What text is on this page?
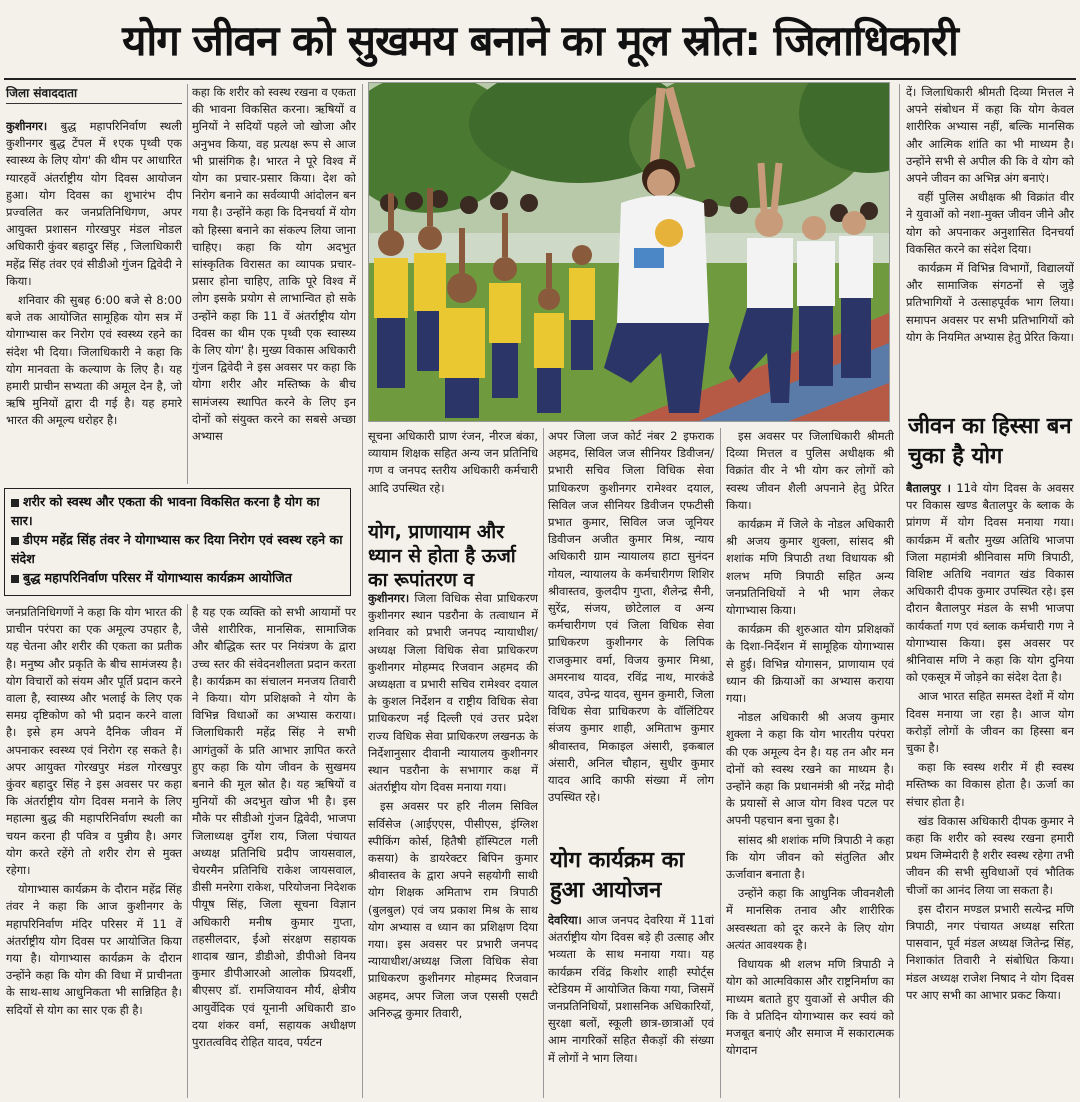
योग जीवन को सुखमय बनाने का मूल स्रोत: जिलाधिकारी
जिला संवाददाता

कुशीनगर। बुद्ध महापरिनिर्वाण स्थली कुशीनगर बुद्ध टेंपल में १एक पृथ्वी एक स्वास्थ्य के लिए योग' की थीम पर आधारित ग्यारहवें अंतर्राष्ट्रीय योग दिवस आयोजन हुआ। योग दिवस का शुभारंभ दीप प्रज्वलित कर जनप्रतिनिधिगण, अपर आयुक्त प्रशासन गोरखपुर मंडल नोडल अधिकारी कुंवर बहादुर सिंह , जिलाधिकारी महेंद्र सिंह तंवर एवं सीडीओ गुंजन द्विवेदी ने किया।

शनिवार की सुबह 6:00 बजे से 8:00 बजे तक आयोजित सामूहिक योग सत्र में योगाभ्यास कर निरोग एवं स्वस्थ्य रहने का संदेश भी दिया। जिलाधिकारी ने कहा कि योग मानवता के कल्याण के लिए है। यह हमारी प्राचीन सभ्यता की अमूल देन है, जो ऋषि मुनियों द्वारा दी गई है। यह हमारे भारत की अमूल्य धरोहर है।

कहा कि शरीर को स्वस्थ रखना व एकता की भावना विकसित करना। ऋषियों व मुनियों ने सदियों पहले जो खोजा और अनुभव किया, वह प्रत्यक्ष रूप से आज भी प्रासंगिक है। भारत ने पूरे विश्व में योग का प्रचार-प्रसार किया। देश को निरोग बनाने का सर्वव्यापी आंदोलन बन गया है। उन्होंने कहा कि दिनचर्या में योग को हिस्सा बनाने का संकल्प लिया जाना चाहिए। कहा कि योग अदभुत सांस्कृतिक विरासत का व्यापक प्रचार-प्रसार होना चाहिए, ताकि पूरे विश्व में लोग इसके प्रयोग से लाभान्वित हो सके उन्होंने कहा कि 11 वें अंतर्राष्ट्रीय योग दिवस का थीम एक पृथ्वी एक स्वास्थ्य के लिए योग' है। मुख्य विकास अधिकारी गुंजन द्विवेदी ने इस अवसर पर कहा कि योगा शरीर और मस्तिष्क के बीच सामंजस्य स्थापित करने के लिए इन दोनों को संयुक्त करने का सबसे अच्छा अभ्यास

शरीर को स्वस्थ और एकता की भावना विकसित करना है योग का सार।
डीएम महेंद्र सिंह तंवर ने योगाभ्यास कर दिया निरोग एवं स्वस्थ रहने का संदेश
बुद्ध महापरिनिर्वाण परिसर में योगाभ्यास कार्यक्रम आयोजित

जनप्रतिनिधिगणों ने कहा कि योग भारत की प्राचीन परंपरा का एक अमूल्य उपहार है, यह चेतना और शरीर की एकता का प्रतीक है। मनुष्य और प्रकृति के बीच सामंजस्य है। योग विचारों को संयम और पूर्ति प्रदान करने वाला है, स्वास्थ्य और भलाई के लिए एक समग्र दृष्टिकोण को भी प्रदान करने वाला है। इसे हम अपने दैनिक जीवन में अपनाकर स्वस्थ्य एवं निरोग रह सकते है। अपर आयुक्त गोरखपुर मंडल गोरखपुर कुंवर बहादुर सिंह ने इस अवसर पर कहा कि अंतर्राष्ट्रीय योग दिवस मनाने के लिए महात्मा बुद्ध की महापरिनिर्वाण स्थली का चयन करना ही पवित्र व पुन्नीय है। अगर योग करते रहेंगे तो शरीर रोग से मुक्त रहेगा।

योगाभ्यास कार्यक्रम के दौरान महेंद्र सिंह तंवर ने कहा कि आज कुशीनगर के महापरिनिर्वाण मंदिर परिसर में 11 वें अंतर्राष्ट्रीय योग दिवस पर आयोजित किया गया है। योगाभ्यास कार्यक्रम के दौरान उन्होंने कहा कि योग की विधा में प्राचीनता के साथ-साथ आधुनिकता भी सान्निहित है। सदियों से योग का सार एक ही है।

है यह एक व्यक्ति को सभी आयामों पर जैसे शारीरिक, मानसिक, सामाजिक और बौद्धिक स्तर पर नियंत्रण के द्वारा उच्च स्तर की संवेदनशीलता प्रदान करता है। कार्यक्रम का संचालन मनजय तिवारी ने किया। योग प्रशिक्षको ने योग के विभिन्न विधाओं का अभ्यास कराया। जिलाधिकारी महेंद्र सिंह ने सभी आगंतुकों के प्रति आभार ज्ञापित करते हुए कहा कि योग जीवन के सुखमय बनाने की मूल स्रोत है। यह ऋषियों व मुनियों की अदभुत खोज भी है। इस मौके पर सीडीओ गुंजन द्विवेदी, भाजपा जिलाध्यक्ष दुर्गेश राय, जिला पंचायत अध्यक्ष प्रतिनिधि प्रदीप जायसवाल, चेयरमैन प्रतिनिधि राकेश जायसवाल, डीसी मनरेगा राकेश, परियोजना निदेशक पीयूष सिंह, जिला सूचना विज्ञान अधिकारी मनीष कुमार गुप्ता, तहसीलदार, ईओ संरक्षण सहायक शादाब खान, डीडीओ, डीपीओ विनय कुमार डीपीआरओ आलोक प्रियदर्शी, बीएसए डॉ. रामजियावन मौर्य, क्षेत्रीय आयुर्वेदिक एवं यूनानी अधिकारी डा० दया शंकर वर्मा, सहायक अधीक्षण पुरातत्वविद रोहित यादव, पर्यटन

सूचना अधिकारी प्राण रंजन, नीरज बंका, व्यायाम शिक्षक सहित अन्य जन प्रतिनिधि गण व जनपद स्तरीय अधिकारी कर्मचारी आदि उपस्थित रहे।

योग, प्राणायाम और ध्यान से होता है ऊर्जा का रूपांतरण व

कुशीनगर। जिला विधिक सेवा प्राधिकरण कुशीनगर स्थान पडरौना के तत्वाधान में शनिवार को प्रभारी जनपद न्यायाधीश/अध्यक्ष जिला विधिक सेवा प्राधिकरण कुशीनगर मोहम्मद रिजवान अहमद की अध्यक्षता व प्रभारी सचिव रामेश्वर दयाल के कुशल निर्देशन व राष्ट्रीय विधिक सेवा प्राधिकरण नई दिल्ली एवं उत्तर प्रदेश राज्य विधिक सेवा प्राधिकरण लखनऊ के निर्देशानुसार दीवानी न्यायालय कुशीनगर स्थान पडरौना के सभागार कक्ष में अंतर्राष्ट्रीय योग दिवस मनाया गया।

इस अवसर पर हरि नीलम सिविल सर्विसेज (आईएएस, पीसीएस, इंग्लिश स्पीकिंग कोर्स, हितैषी हॉस्पिटल गली कसया) के डायरेक्टर बिपिन कुमार श्रीवास्तव के द्वारा अपने सहयोगी साथी योग शिक्षक अमिताभ राम त्रिपाठी (बुलबुल) एवं जय प्रकाश मिश्र के साथ योग अभ्यास व ध्यान का प्रशिक्षण दिया गया। इस अवसर पर प्रभारी जनपद न्यायाधीश/अध्यक्ष जिला विधिक सेवा प्राधिकरण कुशीनगर मोहम्मद रिजवान अहमद, अपर जिला जज एससी एसटी अनिरुद्ध कुमार तिवारी,

अपर जिला जज कोर्ट नंबर 2 इफराक अहमद, सिविल जज सीनियर डिवीजन/ प्रभारी सचिव जिला विधिक सेवा प्राधिकरण कुशीनगर रामेश्वर दयाल, सिविल जज सीनियर डिवीजन एफटीसी प्रभात कुमार, सिविल जज जूनियर डिवीजन अजीत कुमार मिश्र, न्याय अधिकारी ग्राम न्यायालय हाटा सुनंदन गोयल, न्यायालय के कर्मचारीगण शिशिर श्रीवास्तव, कुलदीप गुप्ता, शैलेन्द्र सैनी, सुरेंद्र, संजय, छोटेलाल व अन्य कर्मचारीगण एवं जिला विधिक सेवा प्राधिकरण कुशीनगर के लिपिक राजकुमार वर्मा, विजय कुमार मिश्रा, अमरनाथ यादव, रविंद्र नाथ, मारकंडे यादव, उपेन्द्र यादव, सुमन कुमारी, जिला विधिक सेवा प्राधिकरण के वॉलिंटियर संजय कुमार शाही, अमिताभ कुमार श्रीवास्तव, मिकाइल अंसारी, इकबाल अंसारी, अनिल चौहान, सुधीर कुमार यादव आदि काफी संख्या में लोग उपस्थित रहे।

योग कार्यक्रम का हुआ आयोजन

देवरिया। आज जनपद देवरिया में 11वां अंतर्राष्ट्रीय योग दिवस बड़े ही उत्साह और भव्यता के साथ मनाया गया। यह कार्यक्रम रविंद्र किशोर शाही स्पोर्ट्स स्टेडियम में आयोजित किया गया, जिसमें जनप्रतिनिधियों, प्रशासनिक अधिकारियों, सुरक्षा बलों, स्कूली छात्र-छात्राओं एवं आम नागरिकों सहित सैकड़ों की संख्या में लोगों ने भाग लिया।

इस अवसर पर जिलाधिकारी श्रीमती दिव्या मित्तल व पुलिस अधीक्षक श्री विक्रांत वीर ने भी योग कर लोगों को स्वस्थ जीवन शैली अपनाने हेतु प्रेरित किया।

कार्यक्रम में जिले के नोडल अधिकारी श्री अजय कुमार शुक्ला, सांसद श्री शशांक मणि त्रिपाठी तथा विधायक श्री शलभ मणि त्रिपाठी सहित अन्य जनप्रतिनिधियों ने भी भाग लेकर योगाभ्यास किया।

कार्यक्रम की शुरुआत योग प्रशिक्षकों के दिशा-निर्देशन में सामूहिक योगाभ्यास से हुई। विभिन्न योगासन, प्राणायाम एवं ध्यान की क्रियाओं का अभ्यास कराया गया।

नोडल अधिकारी श्री अजय कुमार शुक्ला ने कहा कि योग भारतीय परंपरा की एक अमूल्य देन है। यह तन और मन दोनों को स्वस्थ रखने का माध्यम है। उन्होंने कहा कि प्रधानमंत्री श्री नरेंद्र मोदी के प्रयासों से आज योग विश्व पटल पर अपनी पहचान बना चुका है।

सांसद श्री शशांक मणि त्रिपाठी ने कहा कि योग जीवन को संतुलित और ऊर्जावान बनाता है।

उन्होंने कहा कि आधुनिक जीवनशैली में मानसिक तनाव और शारीरिक अस्वस्थता को दूर करने के लिए योग अत्यंत आवश्यक है।

विधायक श्री शलभ मणि त्रिपाठी ने योग को आत्मविकास और राष्ट्रनिर्माण का माध्यम बताते हुए युवाओं से अपील की कि वे प्रतिदिन योगाभ्यास कर स्वयं को मजबूत बनाएं और समाज में सकारात्मक योगदान

दें। जिलाधिकारी श्रीमती दिव्या मित्तल ने अपने संबोधन में कहा कि योग केवल शारीरिक अभ्यास नहीं, बल्कि मानसिक और आत्मिक शांति का भी माध्यम है। उन्होंने सभी से अपील की कि वे योग को अपने जीवन का अभिन्न अंग बनाएं।

वहीं पुलिस अधीक्षक श्री विक्रांत वीर ने युवाओं को नशा-मुक्त जीवन जीने और योग को अपनाकर अनुशासित दिनचर्या विकसित करने का संदेश दिया।

कार्यक्रम में विभिन्न विभागों, विद्यालयों और सामाजिक संगठनों से जुड़े प्रतिभागियों ने उत्साहपूर्वक भाग लिया। समापन अवसर पर सभी प्रतिभागियों को योग के नियमित अभ्यास हेतु प्रेरित किया।

जीवन का हिस्सा बन चुका है योग

बैतालपुर । 11वे योग दिवस के अवसर पर विकास खण्ड बैतालपुर के ब्लाक के प्रांगण में योग दिवस मनाया गया। कार्यक्रम में बतौर मुख्य अतिथि भाजपा जिला महामंत्री श्रीनिवास मणि त्रिपाठी, विशिष्ट अतिथि नवागत खंड विकास अधिकारी दीपक कुमार उपस्थित रहे। इस दौरान बैतालपुर मंडल के सभी भाजपा कार्यकर्ता गण एवं ब्लाक कर्मचारी गण ने योगाभ्यास किया। इस अवसर पर श्रीनिवास मणि ने कहा कि योग दुनिया को एकसूत्र में जोड़ने का संदेश देता है।

आज भारत सहित समस्त देशों में योग दिवस मनाया जा रहा है। आज योग करोड़ों लोगों के जीवन का हिस्सा बन चुका है।

कहा कि स्वस्थ शरीर में ही स्वस्थ मस्तिष्क का विकास होता है। ऊर्जा का संचार होता है।

खंड विकास अधिकारी दीपक कुमार ने कहा कि शरीर को स्वस्थ रखना हमारी प्रथम जिम्मेदारी है शरीर स्वस्थ रहेगा तभी जीवन की सभी सुविधाओं एवं भौतिक चीजों का आनंद लिया जा सकता है।

इस दौरान मण्डल प्रभारी सत्येन्द्र मणि त्रिपाठी, नगर पंचायत अध्यक्ष सरिता पासवान, पूर्व मंडल अध्यक्ष जितेन्द्र सिंह, निशाकांत तिवारी ने संबोधित किया। मंडल अध्यक्ष राजेश निषाद ने योग दिवस पर आए सभी का आभार प्रकट किया।
